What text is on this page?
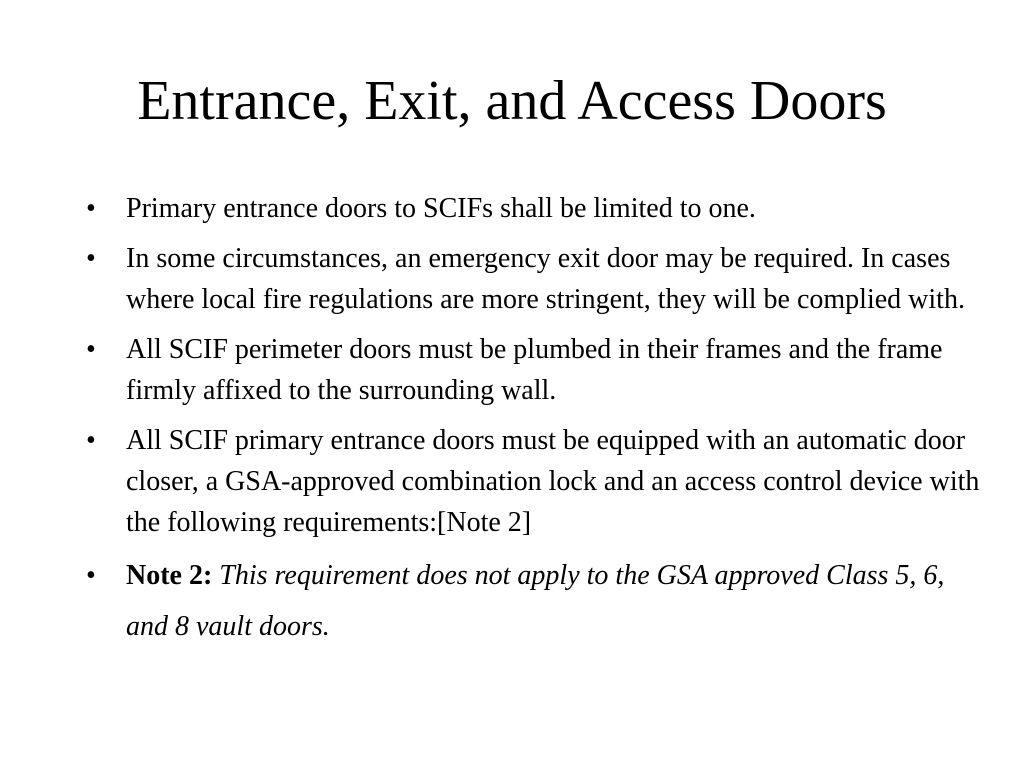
Entrance, Exit, and Access Doors
• Primary entrance doors to SCIFs shall be limited to one.
• In some circumstances, an emergency exit door may be required. In cases where local fire regulations are more stringent, they will be complied with.
• All SCIF perimeter doors must be plumbed in their frames and the frame firmly affixed to the surrounding wall.
• All SCIF primary entrance doors must be equipped with an automatic door closer, a GSA-approved combination lock and an access control device with the following requirements:[Note 2]
• Note 2: This requirement does not apply to the GSA approved Class 5, 6, and 8 vault doors.
